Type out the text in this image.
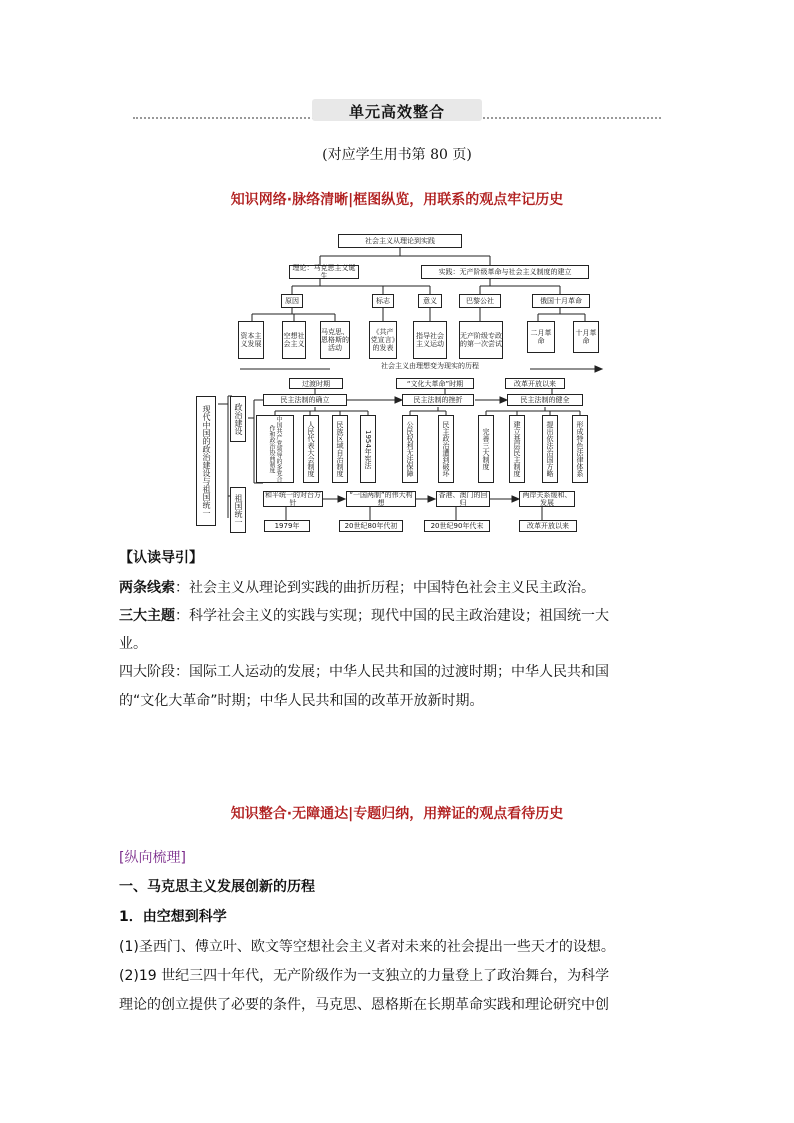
单元高效整合
(对应学生用书第 80 页)
知识网络·脉络清晰|框图纵览，用联系的观点牢记历史
社会主义从理论到实践
理论：马克思主义诞生	实践：无产阶级革命与社会主义制度的建立
原因	标志	意义	巴黎公社	俄国十月革命
资本主义发展
空想社会主义
马克思、恩格斯的活动
《共产党宣言》的发表
指导社会主义运动
无产阶级专政的第一次尝试
二月革命
十月革命
社会主义由理想变为现实的历程
现代中国的政治建设与祖国统一	政治建设
祖国统一
过渡时期	“文化大革命”时期	改革开放以来
民主法制的确立	民主法制的挫折	民主法制的健全
中国共产党领导的多党合作和政治协商制度	人民代表大会制度	民族区域自治制度	1954年宪法	公民权利无法保障	民主政治遭到破坏	完善三大制度	建立基层民主制度	提出依法治国方略	形成特色法律体系
和平统一的对台方针
“一国两制”的伟大构想
香港、澳门的回归
两岸关系缓和、发展
1979年	20世纪80年代初	20世纪90年代末	改革开放以来
【认读导引】
两条线索：社会主义从理论到实践的曲折历程；中国特色社会主义民主政治。
三大主题：科学社会主义的实践与实现；现代中国的民主政治建设；祖国统一大
业。
四大阶段：国际工人运动的发展；中华人民共和国的过渡时期；中华人民共和国
的“文化大革命”时期；中华人民共和国的改革开放新时期。
知识整合·无障通达|专题归纳，用辩证的观点看待历史
[纵向梳理]
一、马克思主义发展创新的历程
1．由空想到科学
(1)圣西门、傅立叶、欧文等空想社会主义者对未来的社会提出一些天才的设想。
(2)19 世纪三四十年代，无产阶级作为一支独立的力量登上了政治舞台，为科学
理论的创立提供了必要的条件，马克思、恩格斯在长期革命实践和理论研究中创
